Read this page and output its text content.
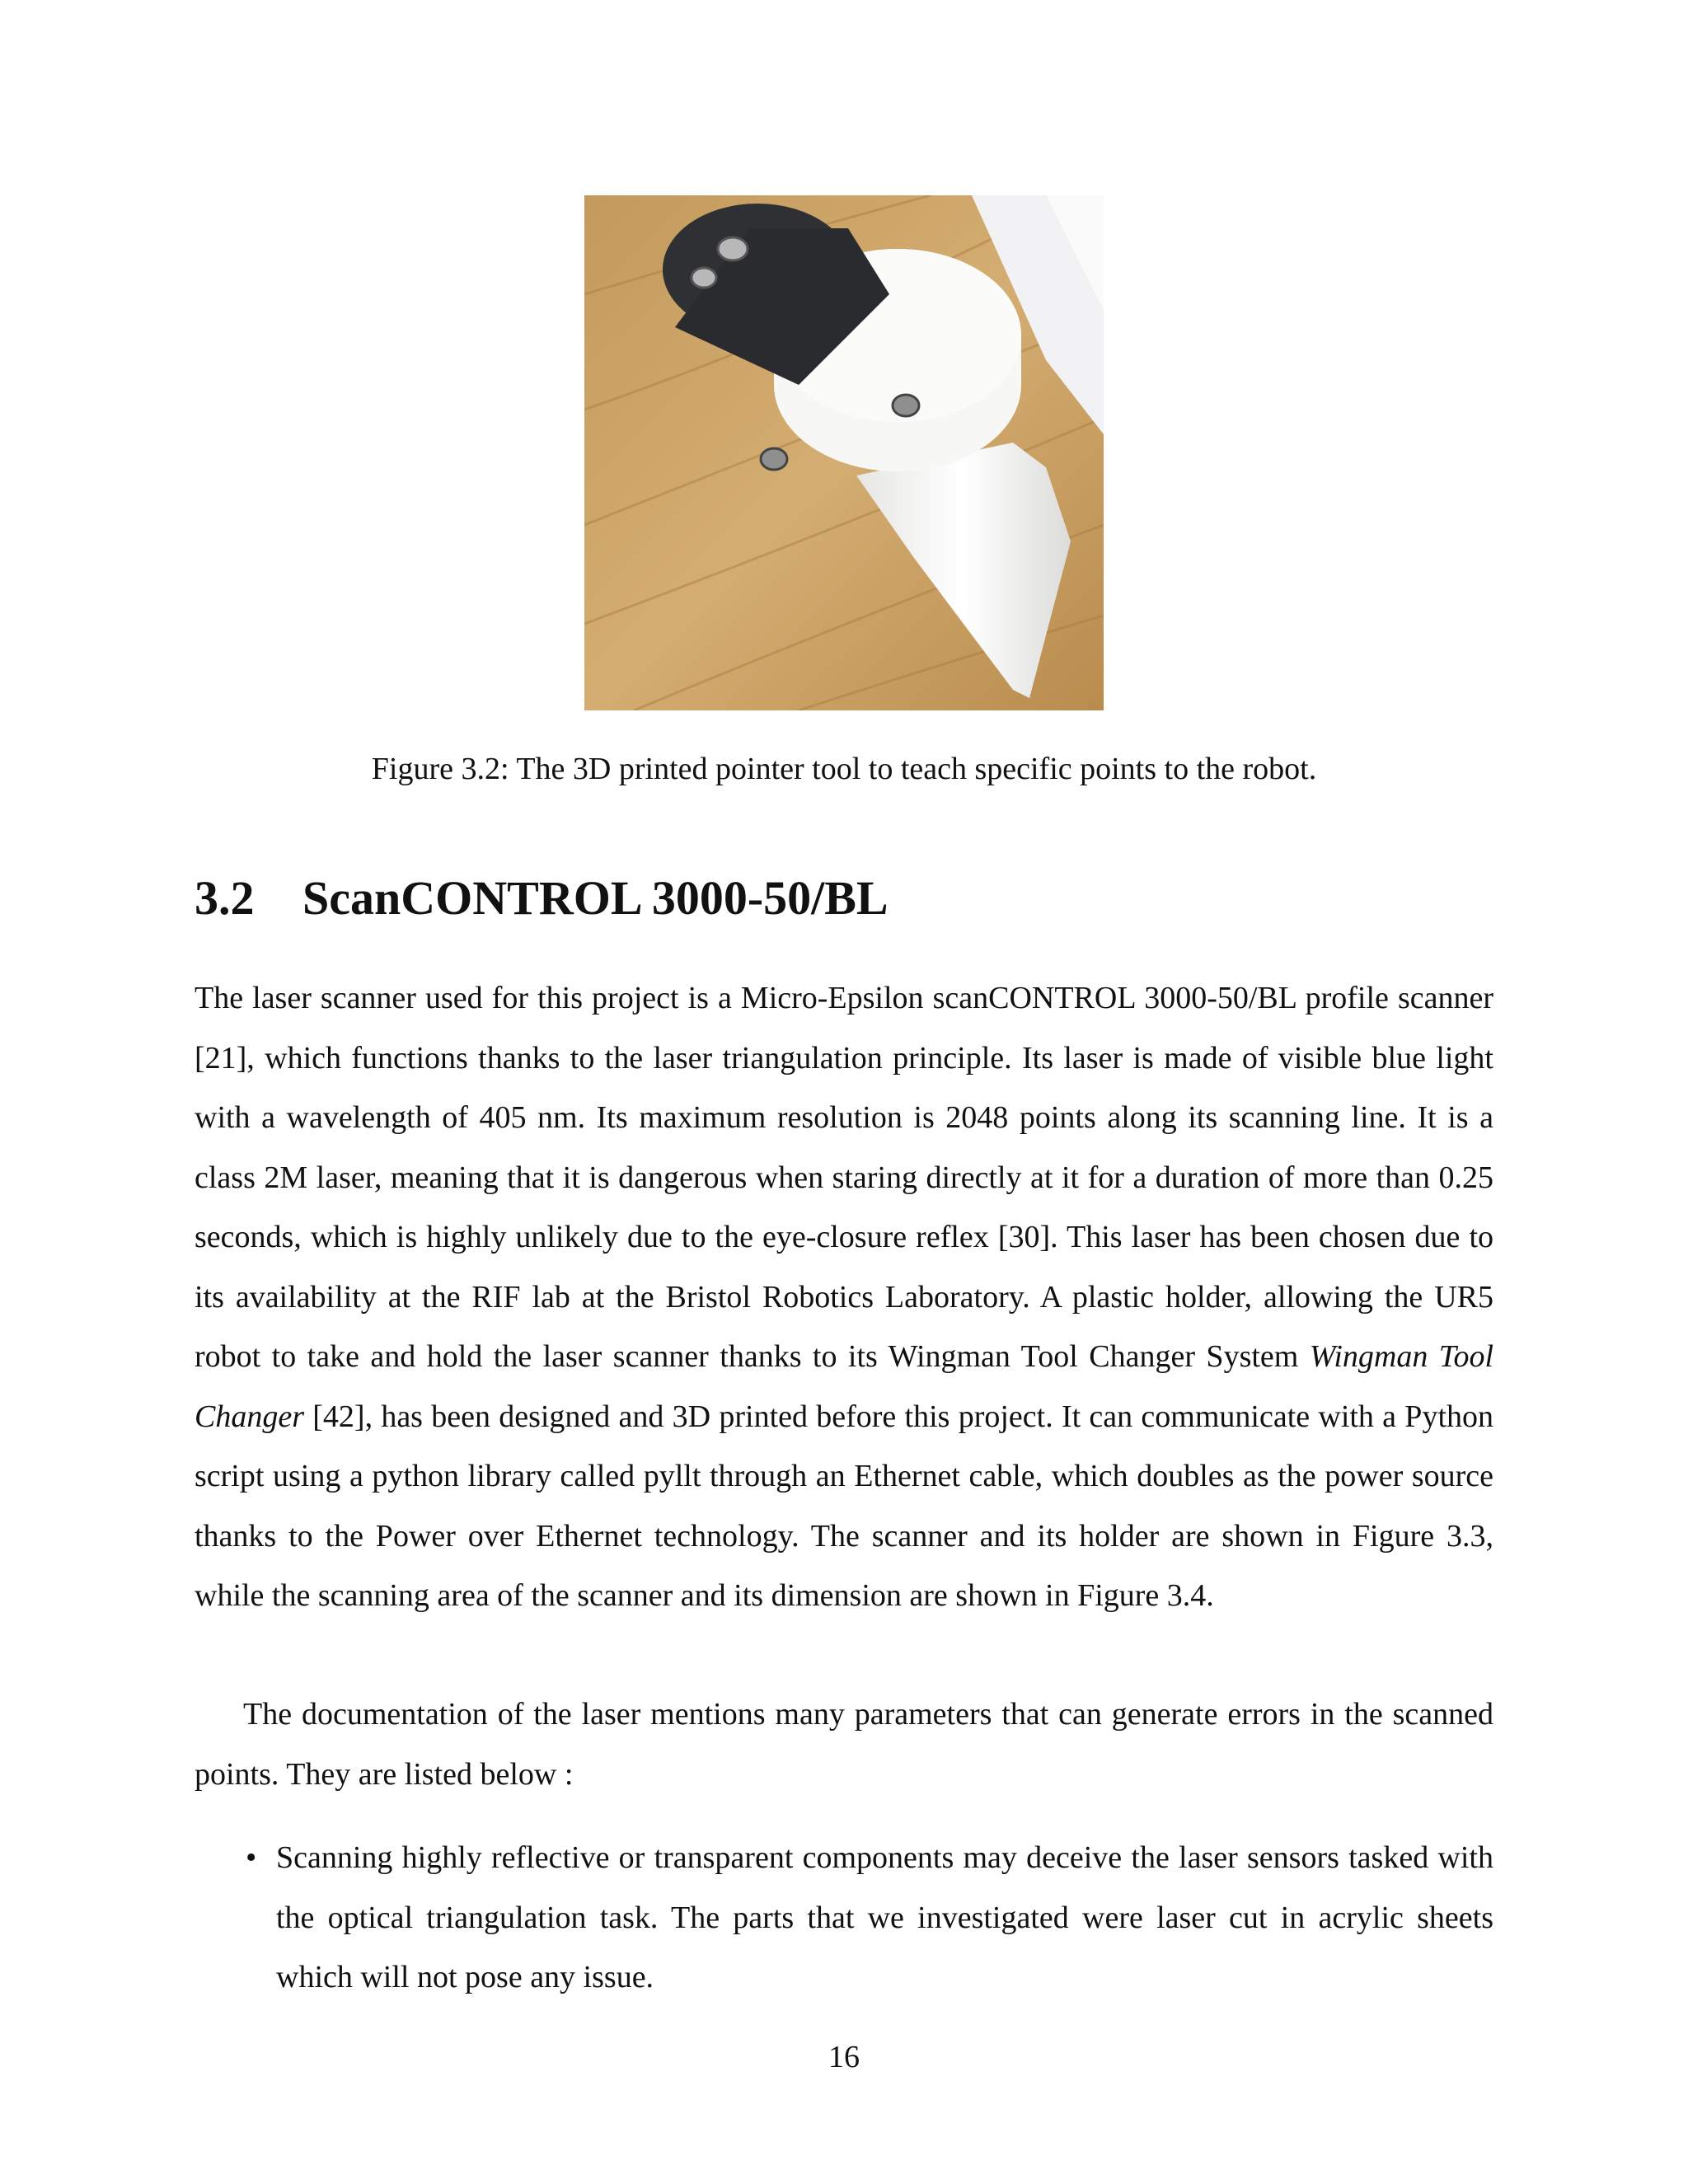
Figure 3.2: The 3D printed pointer tool to teach specific points to the robot.
3.2 ScanCONTROL 3000-50/BL

The laser scanner used for this project is a Micro-Epsilon scanCONTROL 3000-50/BL profile scanner [21], which functions thanks to the laser triangulation principle. Its laser is made of visible blue light with a wavelength of 405 nm. Its maximum resolution is 2048 points along its scanning line. It is a class 2M laser, meaning that it is dangerous when staring directly at it for a duration of more than 0.25 seconds, which is highly unlikely due to the eye-closure reflex [30]. This laser has been chosen due to its availability at the RIF lab at the Bristol Robotics Laboratory. A plastic holder, allowing the UR5 robot to take and hold the laser scanner thanks to its Wingman Tool Changer System Wingman Tool Changer [42], has been designed and 3D printed before this project. It can communicate with a Python script using a python library called pyllt through an Ethernet cable, which doubles as the power source thanks to the Power over Ethernet technology. The scanner and its holder are shown in Figure 3.3, while the scanning area of the scanner and its dimension are shown in Figure 3.4.

The documentation of the laser mentions many parameters that can generate errors in the scanned points. They are listed below :

• Scanning highly reflective or transparent components may deceive the laser sensors tasked with the optical triangulation task. The parts that we investigated were laser cut in acrylic sheets which will not pose any issue.
16
